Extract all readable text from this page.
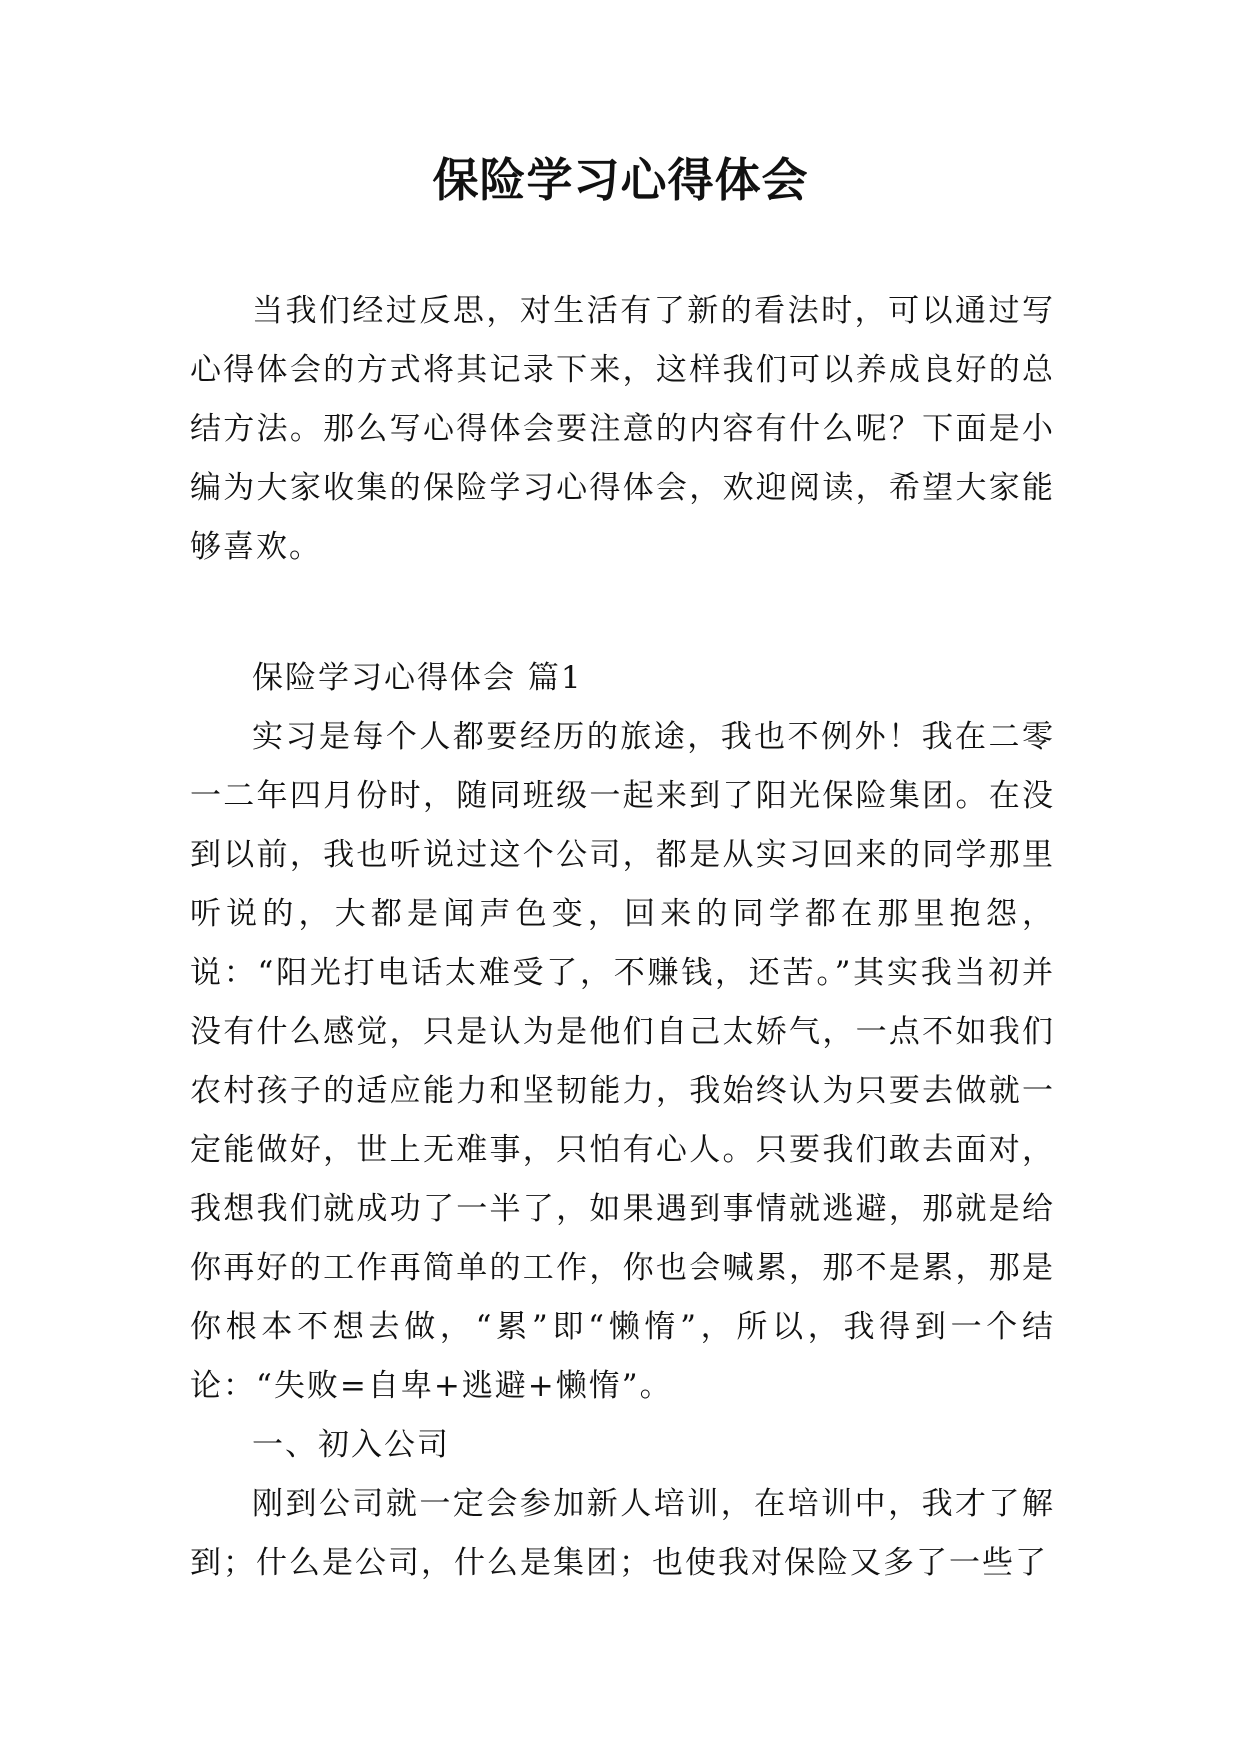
保险学习心得体会

当我们经过反思，对生活有了新的看法时，可以通过写心得体会的方式将其记录下来，这样我们可以养成良好的总结方法。那么写心得体会要注意的内容有什么呢？下面是小编为大家收集的保险学习心得体会，欢迎阅读，希望大家能够喜欢。

保险学习心得体会 篇1

实习是每个人都要经历的旅途，我也不例外！我在二零一二年四月份时，随同班级一起来到了阳光保险集团。在没到以前，我也听说过这个公司，都是从实习回来的同学那里听说的，大都是闻声色变，回来的同学都在那里抱怨，说：“阳光打电话太难受了，不赚钱，还苦。”其实我当初并没有什么感觉，只是认为是他们自己太娇气，一点不如我们农村孩子的适应能力和坚韧能力，我始终认为只要去做就一定能做好，世上无难事，只怕有心人。只要我们敢去面对，我想我们就成功了一半了，如果遇到事情就逃避，那就是给你再好的工作再简单的工作，你也会喊累，那不是累，那是你根本不想去做，“累”即“懒惰”，所以，我得到一个结论：“失败=自卑+逃避+懒惰”。

一、初入公司

刚到公司就一定会参加新人培训，在培训中，我才了解到；什么是公司，什么是集团；也使我对保险又多了一些了
